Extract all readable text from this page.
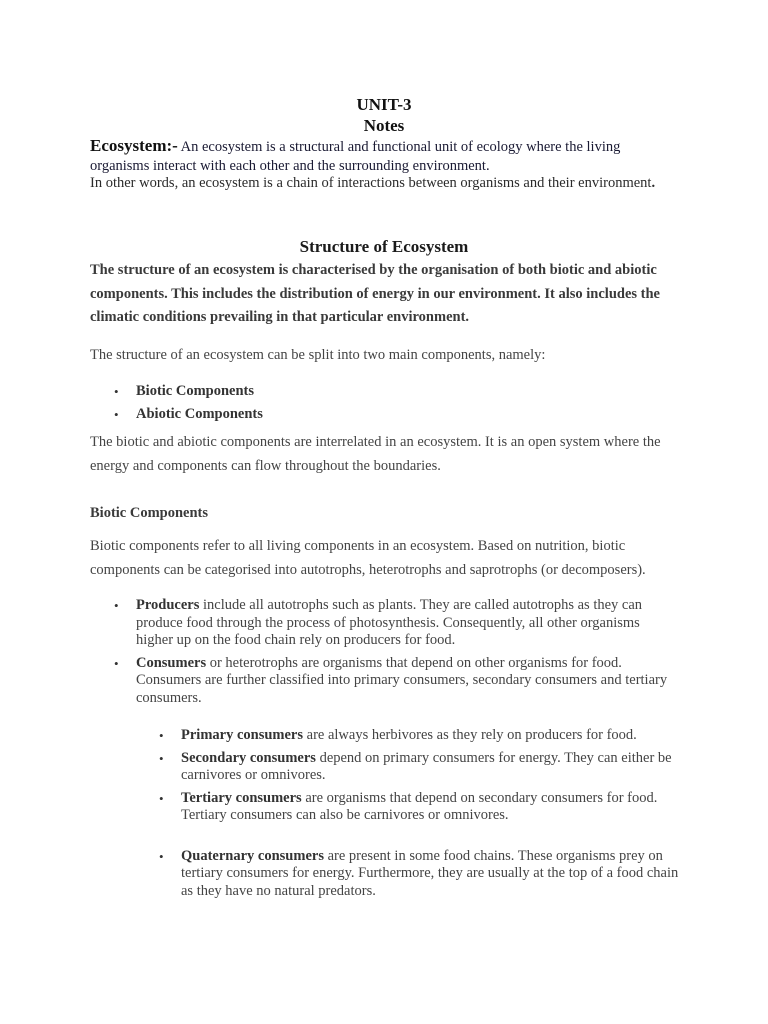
UNIT-3
Notes

Ecosystem:- An ecosystem is a structural and functional unit of ecology where the living organisms interact with each other and the surrounding environment.

In other words, an ecosystem is a chain of interactions between organisms and their environment.

Structure of Ecosystem

The structure of an ecosystem is characterised by the organisation of both biotic and abiotic components. This includes the distribution of energy in our environment. It also includes the climatic conditions prevailing in that particular environment.

The structure of an ecosystem can be split into two main components, namely:

• Biotic Components
• Abiotic Components

The biotic and abiotic components are interrelated in an ecosystem. It is an open system where the energy and components can flow throughout the boundaries.

Biotic Components

Biotic components refer to all living components in an ecosystem. Based on nutrition, biotic components can be categorised into autotrophs, heterotrophs and saprotrophs (or decomposers).

• Producers include all autotrophs such as plants. They are called autotrophs as they can produce food through the process of photosynthesis. Consequently, all other organisms higher up on the food chain rely on producers for food.
• Consumers or heterotrophs are organisms that depend on other organisms for food. Consumers are further classified into primary consumers, secondary consumers and tertiary consumers.
• Primary consumers are always herbivores as they rely on producers for food.
• Secondary consumers depend on primary consumers for energy. They can either be carnivores or omnivores.
• Tertiary consumers are organisms that depend on secondary consumers for food. Tertiary consumers can also be carnivores or omnivores.
• Quaternary consumers are present in some food chains. These organisms prey on tertiary consumers for energy. Furthermore, they are usually at the top of a food chain as they have no natural predators.
